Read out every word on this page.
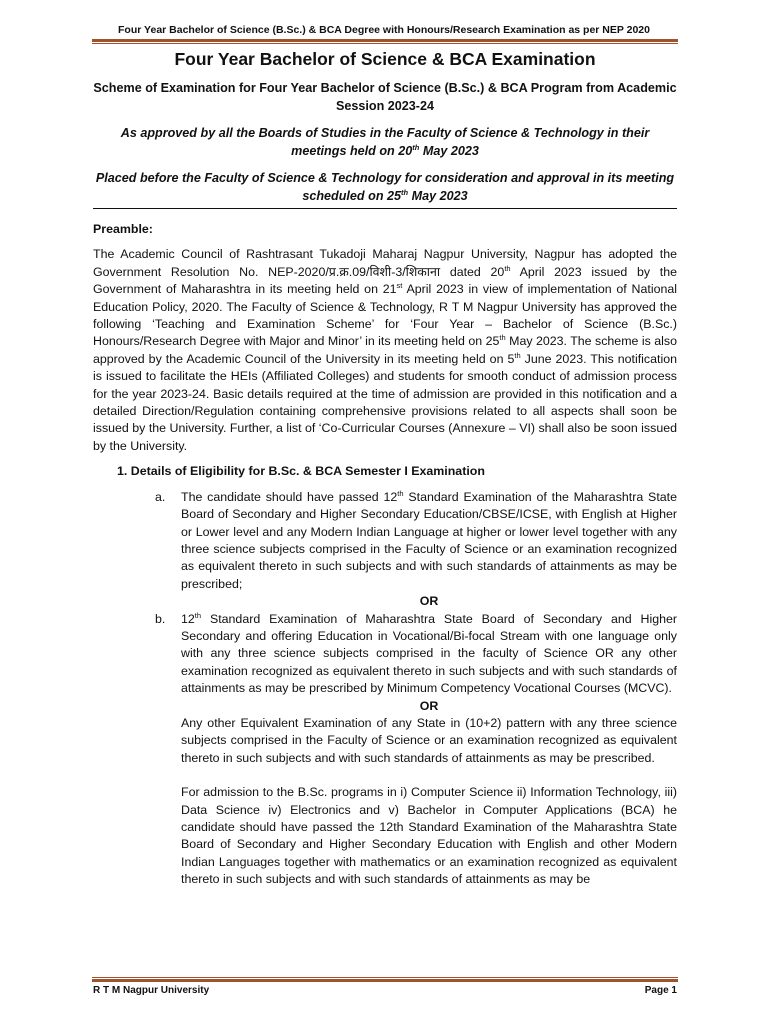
Four Year Bachelor of Science (B.Sc.) & BCA Degree with Honours/Research Examination as per NEP 2020
Four Year Bachelor of Science & BCA Examination
Scheme of Examination for Four Year Bachelor of Science (B.Sc.) & BCA Program from Academic Session 2023-24
As approved by all the Boards of Studies in the Faculty of Science & Technology in their meetings held on 20th May 2023
Placed before the Faculty of Science & Technology for consideration and approval in its meeting scheduled on 25th May 2023
Preamble:

The Academic Council of Rashtrasant Tukadoji Maharaj Nagpur University, Nagpur has adopted the Government Resolution No. NEP-2020/प्र.क्र.09/विशी-3/शिकाना dated 20th April 2023 issued by the Government of Maharashtra in its meeting held on 21st April 2023 in view of implementation of National Education Policy, 2020. The Faculty of Science & Technology, R T M Nagpur University has approved the following ‘Teaching and Examination Scheme’ for ‘Four Year – Bachelor of Science (B.Sc.) Honours/Research Degree with Major and Minor’ in its meeting held on 25th May 2023. The scheme is also approved by the Academic Council of the University in its meeting held on 5th June 2023. This notification is issued to facilitate the HEIs (Affiliated Colleges) and students for smooth conduct of admission process for the year 2023-24. Basic details required at the time of admission are provided in this notification and a detailed Direction/Regulation containing comprehensive provisions related to all aspects shall soon be issued by the University. Further, a list of ‘Co-Curricular Courses (Annexure – VI) shall also be soon issued by the University.

1. Details of Eligibility for B.Sc. & BCA Semester I Examination
a. The candidate should have passed 12th Standard Examination of the Maharashtra State Board of Secondary and Higher Secondary Education/CBSE/ICSE, with English at Higher or Lower level and any Modern Indian Language at higher or lower level together with any three science subjects comprised in the Faculty of Science or an examination recognized as equivalent thereto in such subjects and with such standards of attainments as may be prescribed;

OR
b. 12th Standard Examination of Maharashtra State Board of Secondary and Higher Secondary and offering Education in Vocational/Bi-focal Stream with one language only with any three science subjects comprised in the faculty of Science OR any other examination recognized as equivalent thereto in such subjects and with such standards of attainments as may be prescribed by Minimum Competency Vocational Courses (MCVC).

OR

Any other Equivalent Examination of any State in (10+2) pattern with any three science subjects comprised in the Faculty of Science or an examination recognized as equivalent thereto in such subjects and with such standards of attainments as may be prescribed.

For admission to the B.Sc. programs in i) Computer Science ii) Information Technology, iii) Data Science iv) Electronics and v) Bachelor in Computer Applications (BCA) he candidate should have passed the 12th Standard Examination of the Maharashtra State Board of Secondary and Higher Secondary Education with English and other Modern Indian Languages together with mathematics or an examination recognized as equivalent thereto in such subjects and with such standards of attainments as may be

R T M Nagpur University	Page 1
